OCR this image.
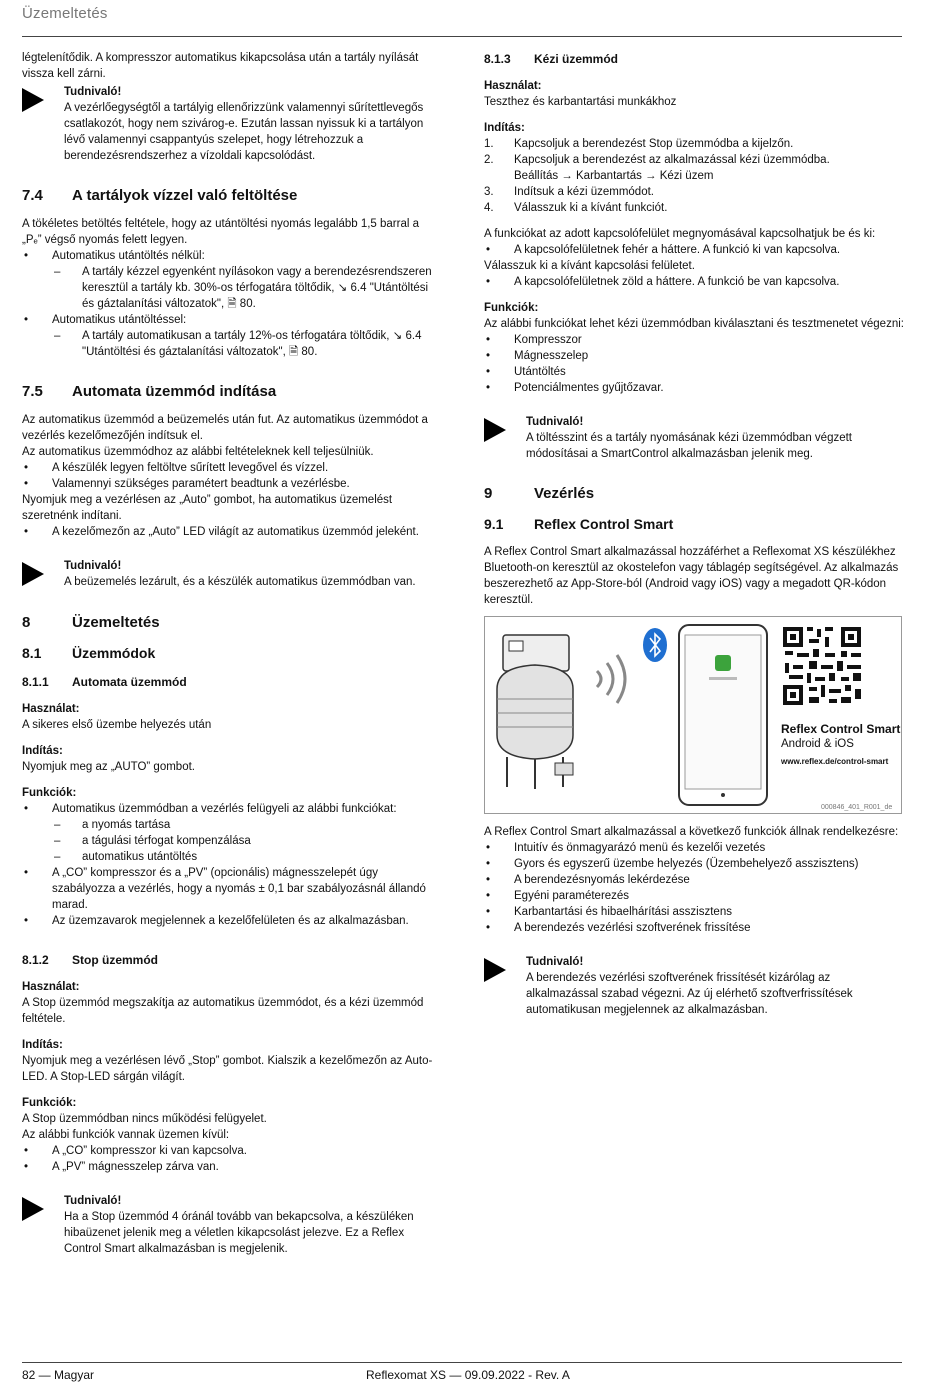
Üzemeltetés

légtelenítődik. A kompresszor automatikus kikapcsolása után a tartály nyílását vissza kell zárni.

Tudnivaló!
A vezérlőegységtől a tartályig ellenőrizzünk valamennyi sűrítettlevegős csatlakozót, hogy nem szivárog-e. Ezután lassan nyissuk ki a tartályon lévő valamennyi csappantyús szelepet, hogy létrehozzuk a berendezésrendszerhez a vízoldali kapcsolódást.
7.4	A tartályok vízzel való feltöltése

A tökéletes betöltés feltétele, hogy az utántöltési nyomás legalább 1,5 barral a „Pₑ” végső nyomás felett legyen.

• Automatikus utántöltés nélkül:
– A tartály kézzel egyenként nyílásokon vagy a berendezésrendszeren keresztül a tartály kb. 30%-os térfogatára töltődik, ↘ 6.4 "Utántöltési és gáztalanítási változatok", 🗎 80.
• Automatikus utántöltéssel:
– A tartály automatikusan a tartály 12%-os térfogatára töltődik, ↘ 6.4 "Utántöltési és gáztalanítási változatok", 🗎 80.
7.5	Automata üzemmód indítása

Az automatikus üzemmód a beüzemelés után fut. Az automatikus üzemmódot a vezérlés kezelőmezőjén indítsuk el.

Az automatikus üzemmódhoz az alábbi feltételeknek kell teljesülniük.

• A készülék legyen feltöltve sűrített levegővel és vízzel.
• Valamennyi szükséges paramétert beadtunk a vezérlésbe.

Nyomjuk meg a vezérlésen az „Auto” gombot, ha automatikus üzemelést szeretnénk indítani.

• A kezelőmezőn az „Auto” LED világít az automatikus üzemmód jeleként.
Tudnivaló!
A beüzemelés lezárult, és a készülék automatikus üzemmódban van.
8	Üzemeltetés
8.1	Üzemmódok
8.1.1	Automata üzemmód

Használat:

A sikeres első üzembe helyezés után

Indítás:

Nyomjuk meg az „AUTO” gombot.

Funkciók:

• Automatikus üzemmódban a vezérlés felügyeli az alábbi funkciókat:
– a nyomás tartása
– a tágulási térfogat kompenzálása
– automatikus utántöltés
• A „CO” kompresszor és a „PV” (opcionális) mágnesszelepét úgy szabályozza a vezérlés, hogy a nyomás ± 0,1 bar szabályozásnál állandó marad.
• Az üzemzavarok megjelennek a kezelőfelületen és az alkalmazásban.
8.1.2	Stop üzemmód

Használat:

A Stop üzemmód megszakítja az automatikus üzemmódot, és a kézi üzemmód feltétele.

Indítás:

Nyomjuk meg a vezérlésen lévő „Stop” gombot. Kialszik a kezelőmezőn az Auto-LED. A Stop-LED sárgán világít.

Funkciók:

A Stop üzemmódban nincs működési felügyelet.

Az alábbi funkciók vannak üzemen kívül:

• A „CO” kompresszor ki van kapcsolva.
• A „PV” mágnesszelep zárva van.
Tudnivaló!
Ha a Stop üzemmód 4 óránál tovább van bekapcsolva, a készüléken hibaüzenet jelenik meg a véletlen kikapcsolást jelezve. Ez a Reflex Control Smart alkalmazásban is megjelenik.
8.1.3	Kézi üzemmód

Használat:

Teszthez és karbantartási munkákhoz

Indítás:

1. Kapcsoljuk a berendezést Stop üzemmódba a kijelzőn.
2. Kapcsoljuk a berendezést az alkalmazással kézi üzemmódba.
Beállítás → Karbantartás → Kézi üzem
3. Indítsuk a kézi üzemmódot.
4. Válasszuk ki a kívánt funkciót.

A funkciókat az adott kapcsolófelület megnyomásával kapcsolhatjuk be és ki:

• A kapcsolófelületnek fehér a háttere. A funkció ki van kapcsolva.

Válasszuk ki a kívánt kapcsolási felületet.

• A kapcsolófelületnek zöld a háttere. A funkció be van kapcsolva.

Funkciók:

Az alábbi funkciókat lehet kézi üzemmódban kiválasztani és tesztmenetet végezni:

• Kompresszor
• Mágnesszelep
• Utántöltés
• Potenciálmentes gyűjtőzavar.
Tudnivaló!
A töltésszint és a tartály nyomásának kézi üzemmódban végzett módosításai a SmartControl alkalmazásban jelenik meg.
9	Vezérlés
9.1	Reflex Control Smart

A Reflex Control Smart alkalmazással hozzáférhet a Reflexomat XS készülékhez Bluetooth-on keresztül az okostelefon vagy táblagép segítségével. Az alkalmazás beszerezhető az App-Store-ból (Android vagy iOS) vagy a megadott QR-kódon keresztül.

Reflex Control Smart
Android & iOS
www.reflex.de/control-smart
000846_401_R001_de

A Reflex Control Smart alkalmazással a következő funkciók állnak rendelkezésre:

• Intuitív és önmagyarázó menü és kezelői vezetés
• Gyors és egyszerű üzembe helyezés (Üzembehelyező asszisztens)
• A berendezésnyomás lekérdezése
• Egyéni paraméterezés
• Karbantartási és hibaelhárítási asszisztens
• A berendezés vezérlési szoftverének frissítése
Tudnivaló!
A berendezés vezérlési szoftverének frissítését kizárólag az alkalmazással szabad végezni. Az új elérhető szoftverfrissítések automatikusan megjelennek az alkalmazásban.
82 — Magyar	Reflexomat XS — 09.09.2022 - Rev. A
